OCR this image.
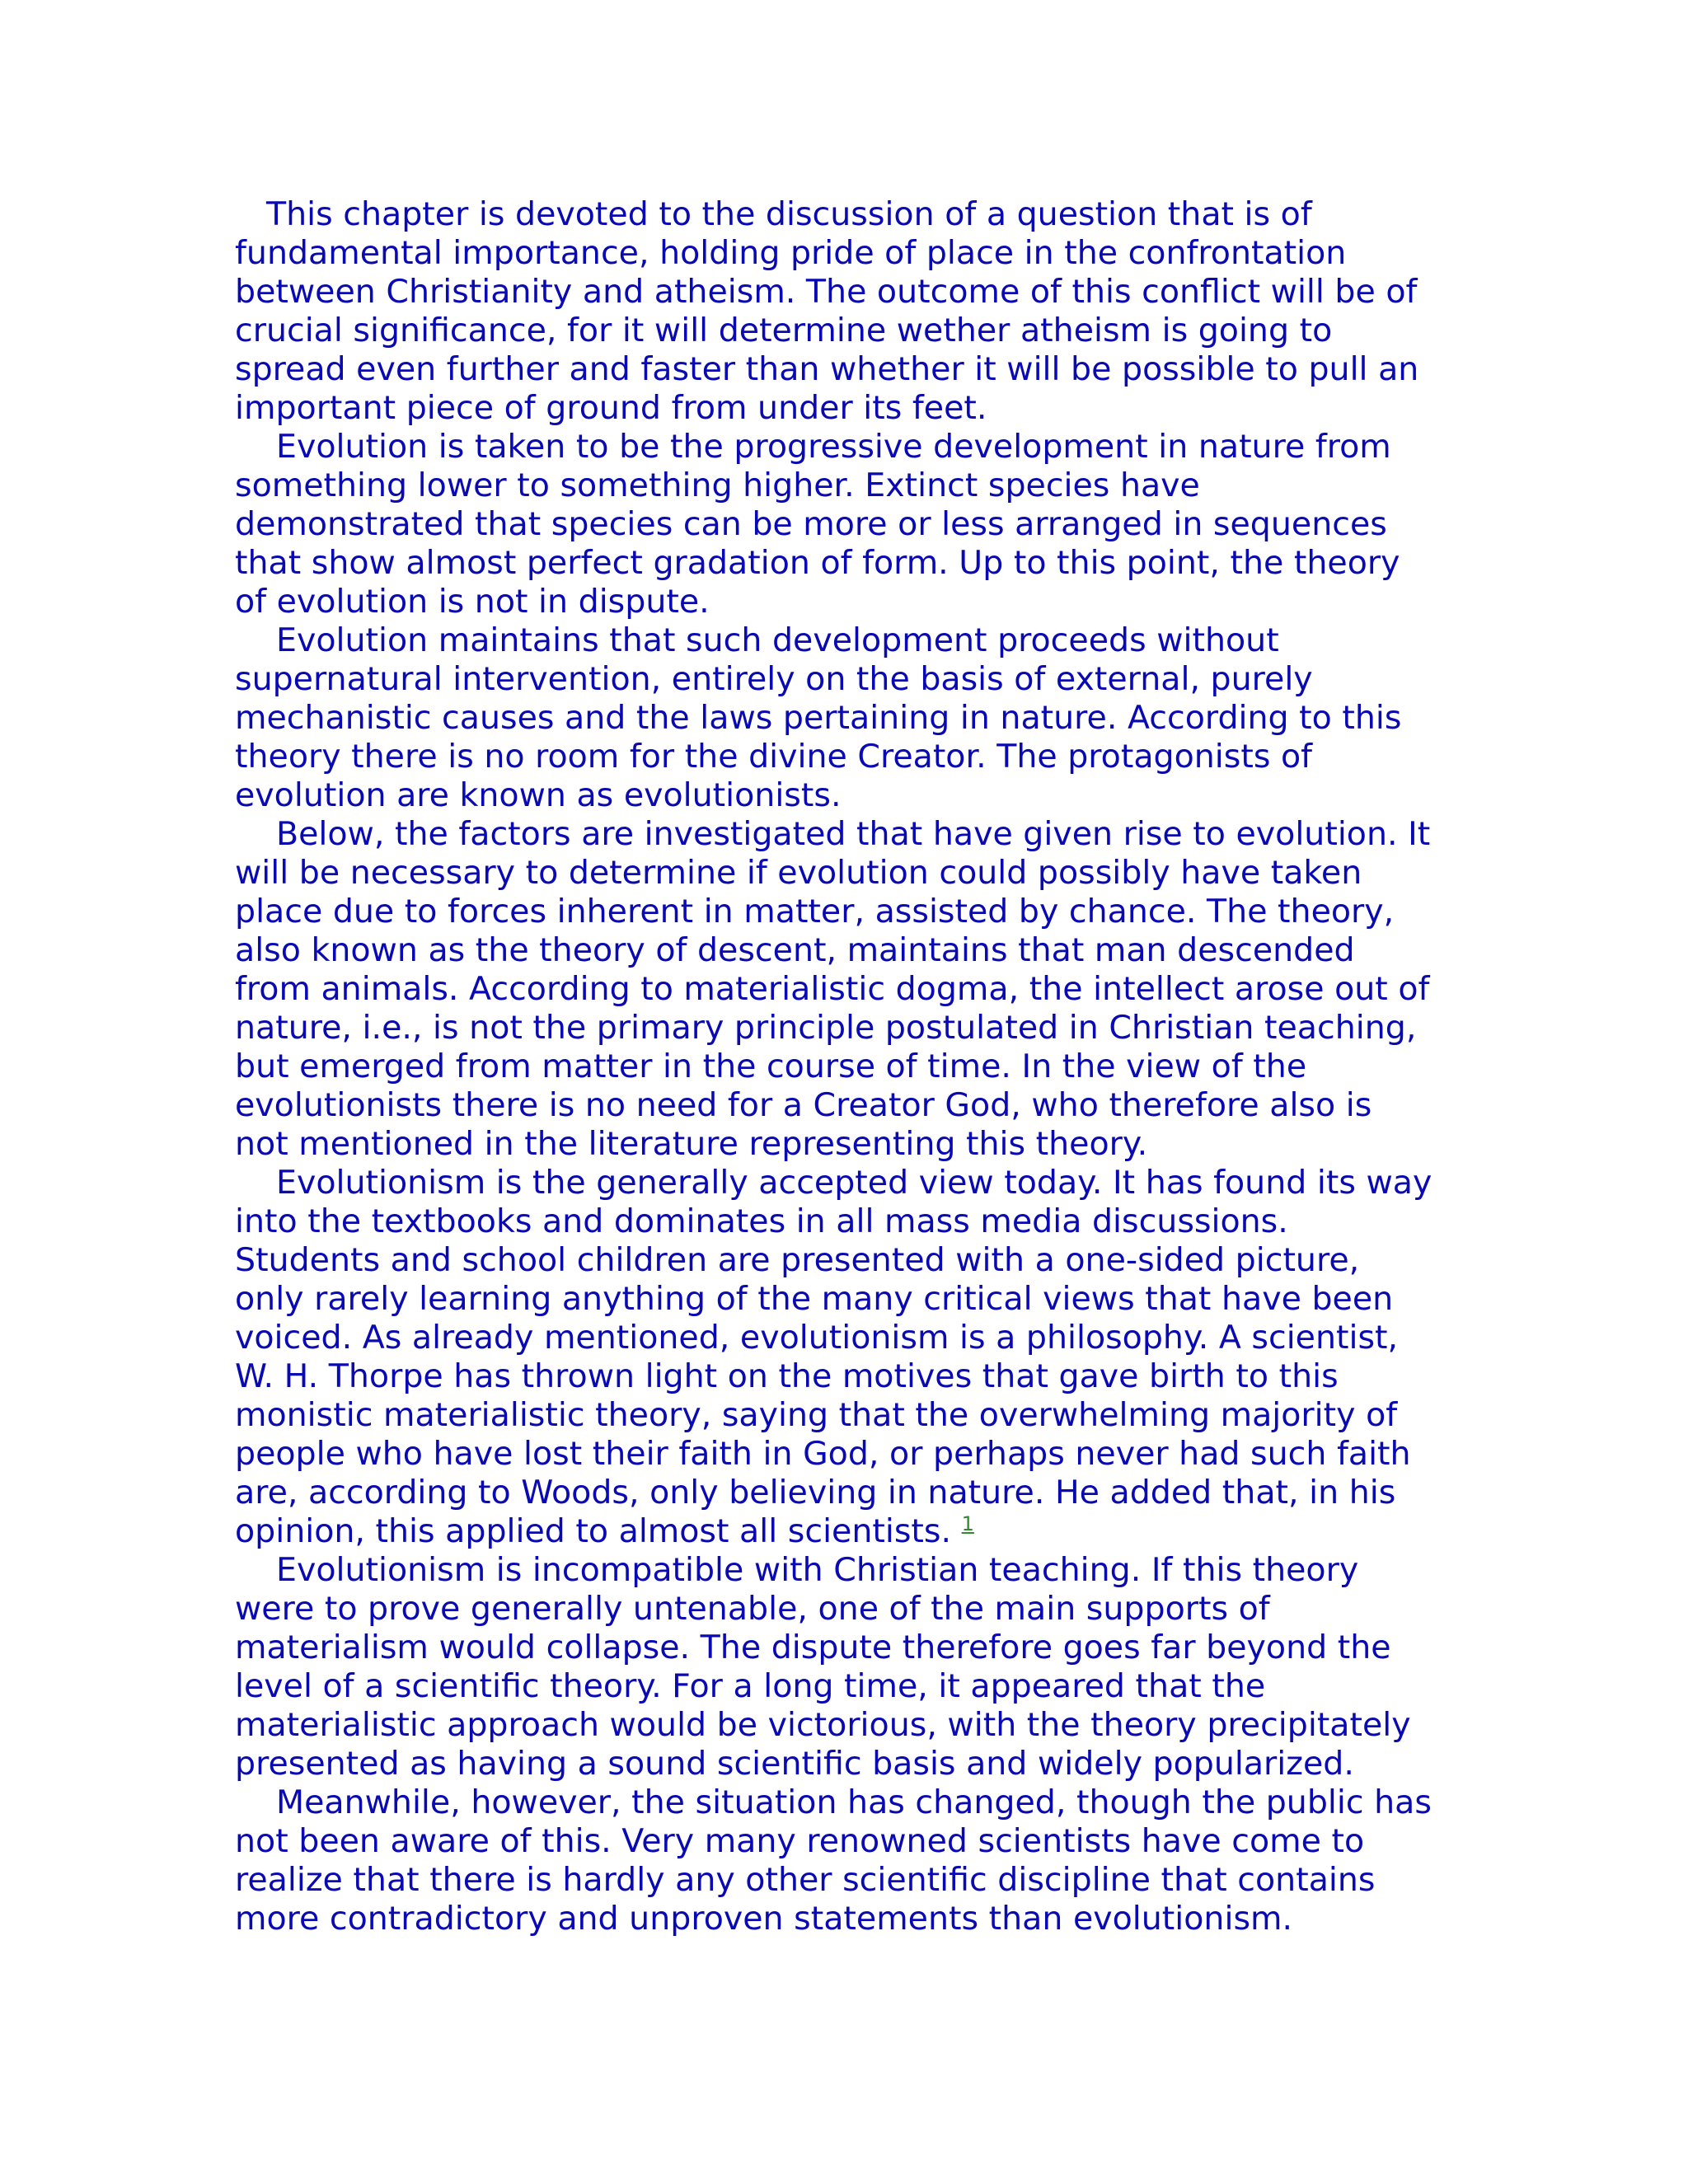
This chapter is devoted to the discussion of a question that is of
fundamental importance, holding pride of place in the confrontation
between Christianity and atheism. The outcome of this conflict will be of
crucial significance, for it will determine wether atheism is going to
spread even further and faster than whether it will be possible to pull an
important piece of ground from under its feet.

Evolution is taken to be the progressive development in nature from
something lower to something higher. Extinct species have
demonstrated that species can be more or less arranged in sequences
that show almost perfect gradation of form. Up to this point, the theory
of evolution is not in dispute.

Evolution maintains that such development proceeds without
supernatural intervention, entirely on the basis of external, purely
mechanistic causes and the laws pertaining in nature. According to this
theory there is no room for the divine Creator. The protagonists of
evolution are known as evolutionists.

Below, the factors are investigated that have given rise to evolution. It
will be necessary to determine if evolution could possibly have taken
place due to forces inherent in matter, assisted by chance. The theory,
also known as the theory of descent, maintains that man descended
from animals. According to materialistic dogma, the intellect arose out of
nature, i.e., is not the primary principle postulated in Christian teaching,
but emerged from matter in the course of time. In the view of the
evolutionists there is no need for a Creator God, who therefore also is
not mentioned in the literature representing this theory.

Evolutionism is the generally accepted view today. It has found its way
into the textbooks and dominates in all mass media discussions.
Students and school children are presented with a one-sided picture,
only rarely learning anything of the many critical views that have been
voiced. As already mentioned, evolutionism is a philosophy. A scientist,
W. H. Thorpe has thrown light on the motives that gave birth to this
monistic materialistic theory, saying that the overwhelming majority of
people who have lost their faith in God, or perhaps never had such faith
are, according to Woods, only believing in nature. He added that, in his
opinion, this applied to almost all scientists. $^1$

Evolutionism is incompatible with Christian teaching. If this theory
were to prove generally untenable, one of the main supports of
materialism would collapse. The dispute therefore goes far beyond the
level of a scientific theory. For a long time, it appeared that the
materialistic approach would be victorious, with the theory precipitately
presented as having a sound scientific basis and widely popularized.

Meanwhile, however, the situation has changed, though the public has
not been aware of this. Very many renowned scientists have come to
realize that there is hardly any other scientific discipline that contains
more contradictory and unproven statements than evolutionism.
